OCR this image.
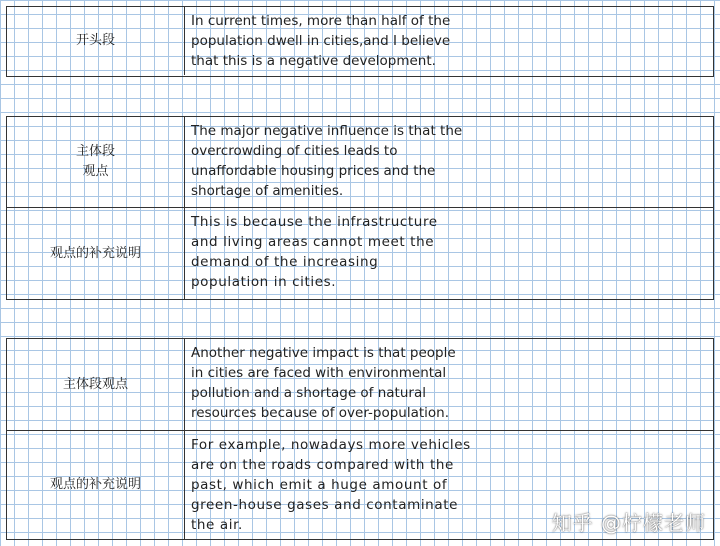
开头段
In current times, more than half of the
population dwell in cities,and I believe
that this is a negative development.
主体段
观点
The major negative influence is that the
overcrowding of cities leads to
unaffordable housing prices and the
shortage of amenities.
观点的补充说明
This is because the infrastructure
and living areas cannot meet the
demand of the increasing
population in cities.
主体段观点
Another negative impact is that people
in cities are faced with environmental
pollution and a shortage of natural
resources because of over-population.
观点的补充说明
For example, nowadays more vehicles
are on the roads compared with the
past, which emit a huge amount of
green-house gases and contaminate
the air.	知乎 @柠檬老师
